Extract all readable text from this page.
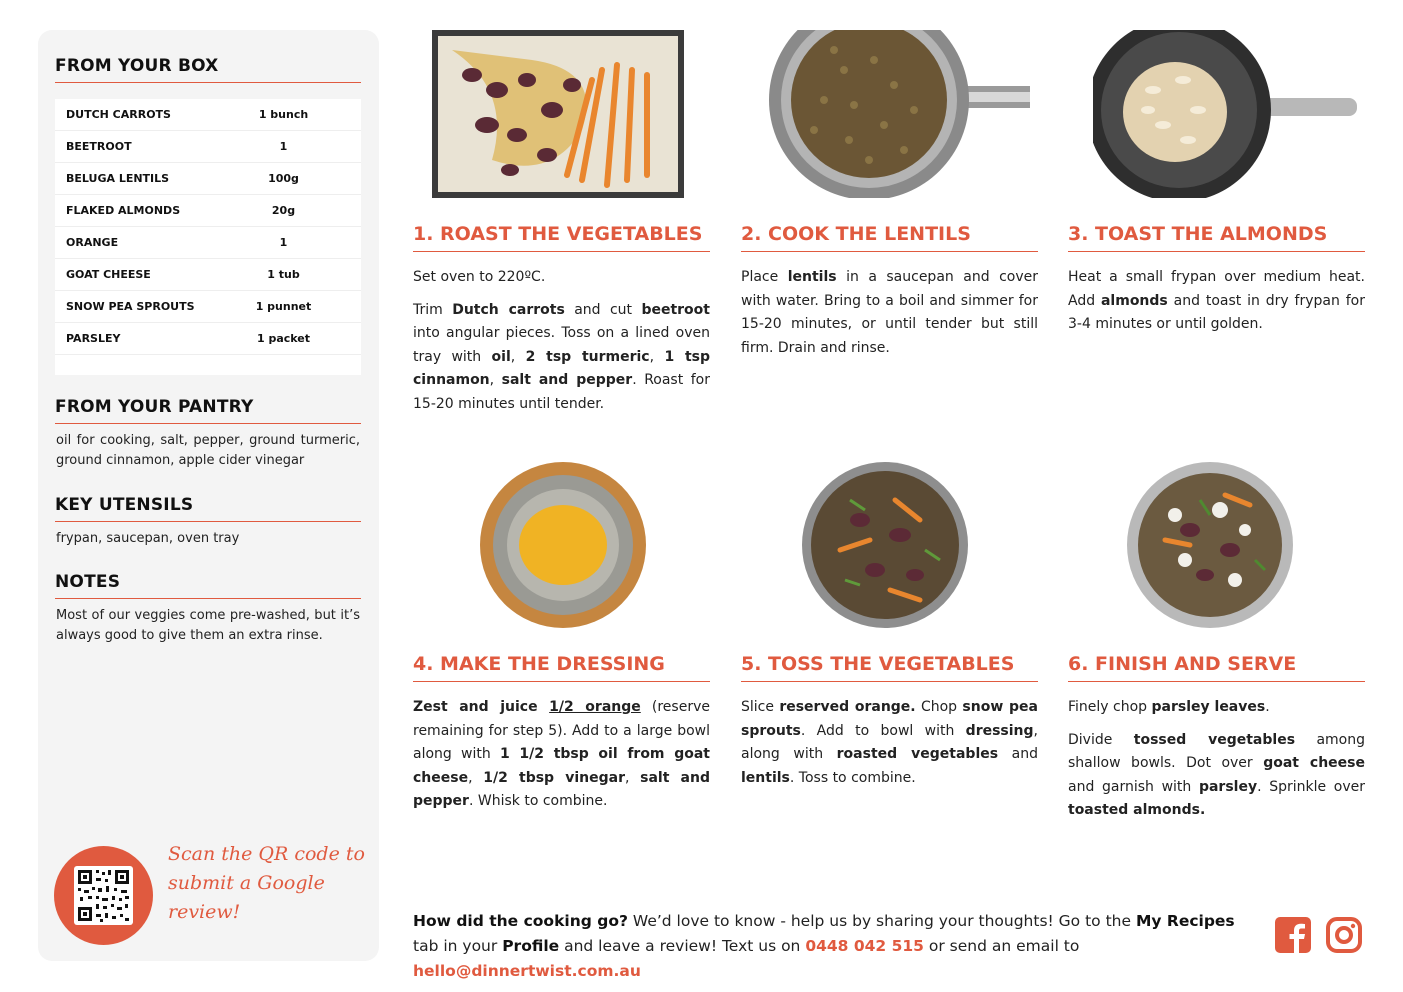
FROM YOUR BOX
DUTCH CARROTS	1 bunch
BEETROOT	1
BELUGA LENTILS	100g
FLAKED ALMONDS	20g
ORANGE	1
GOAT CHEESE	1 tub
SNOW PEA SPROUTS	1 punnet
PARSLEY	1 packet
FROM YOUR PANTRY
oil for cooking, salt, pepper, ground turmeric, ground cinnamon, apple cider vinegar
KEY UTENSILS
frypan, saucepan, oven tray
NOTES
Most of our veggies come pre-washed, but it’s always good to give them an extra rinse.
Scan the QR code to submit a Google review!
1. ROAST THE VEGETABLES

Set oven to 220ºC.

Trim Dutch carrots and cut beetroot into angular pieces. Toss on a lined oven tray with oil, 2 tsp turmeric, 1 tsp cinnamon, salt and pepper. Roast for 15-20 minutes until tender.

2. COOK THE LENTILS

Place lentils in a saucepan and cover with water. Bring to a boil and simmer for 15-20 minutes, or until tender but still firm. Drain and rinse.

3. TOAST THE ALMONDS

Heat a small frypan over medium heat. Add almonds and toast in dry frypan for 3-4 minutes or until golden.

4. MAKE THE DRESSING

Zest and juice 1/2 orange (reserve remaining for step 5). Add to a large bowl along with 1 1/2 tbsp oil from goat cheese, 1/2 tbsp vinegar, salt and pepper. Whisk to combine.

5. TOSS THE VEGETABLES

Slice reserved orange. Chop snow pea sprouts. Add to bowl with dressing, along with roasted vegetables and lentils. Toss to combine.

6. FINISH AND SERVE

Finely chop parsley leaves.

Divide tossed vegetables among shallow bowls. Dot over goat cheese and garnish with parsley. Sprinkle over toasted almonds.

How did the cooking go? We’d love to know - help us by sharing your thoughts! Go to the My Recipes tab in your Profile and leave a review! Text us on 0448 042 515 or send an email to hello@dinnertwist.com.au
